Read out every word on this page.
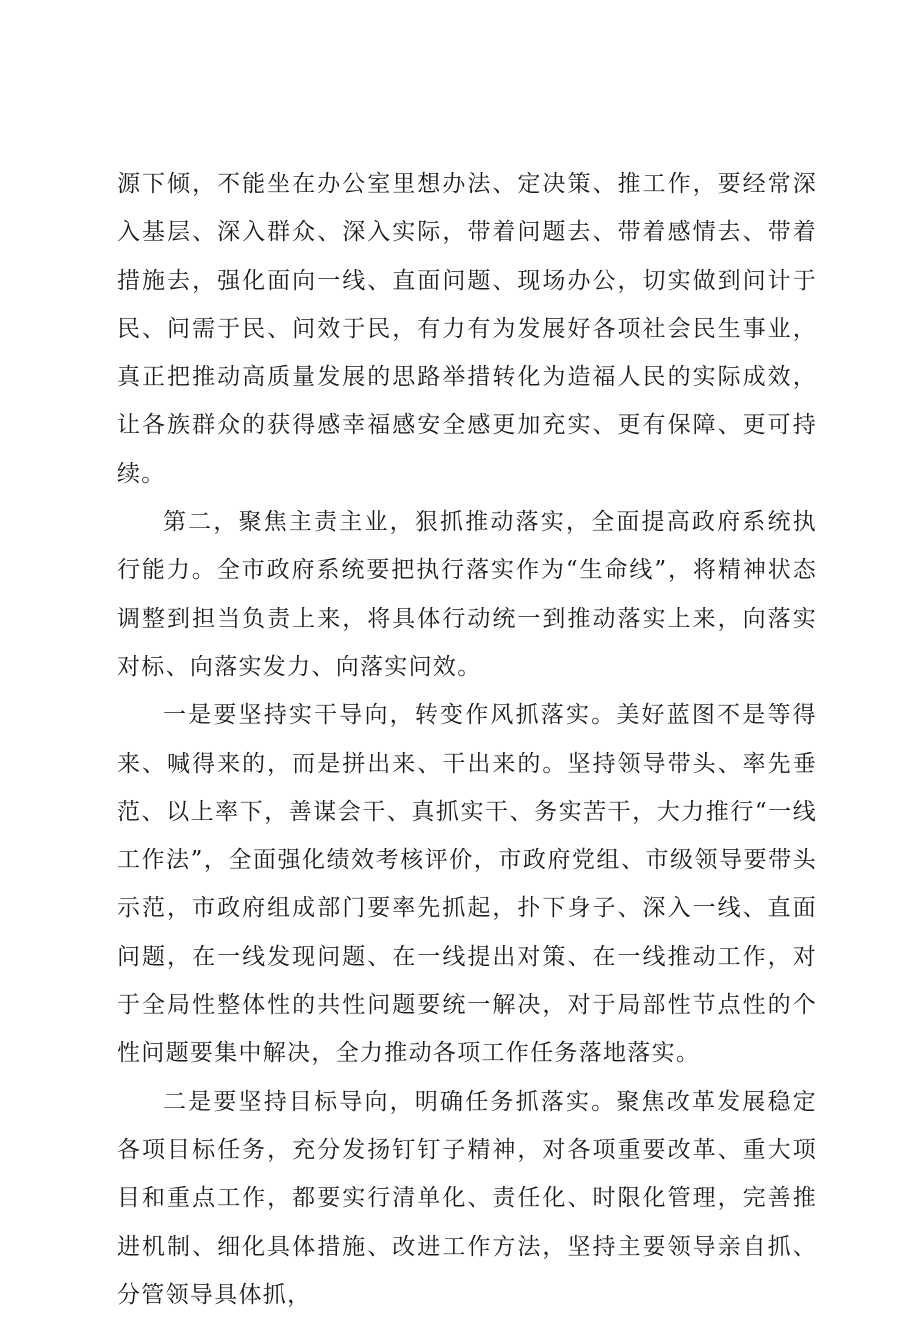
源下倾，不能坐在办公室里想办法、定决策、推工作，要经常深入基层、深入群众、深入实际，带着问题去、带着感情去、带着措施去，强化面向一线、直面问题、现场办公，切实做到问计于民、问需于民、问效于民，有力有为发展好各项社会民生事业，真正把推动高质量发展的思路举措转化为造福人民的实际成效，让各族群众的获得感幸福感安全感更加充实、更有保障、更可持续。

第二，聚焦主责主业，狠抓推动落实，全面提高政府系统执行能力。全市政府系统要把执行落实作为“生命线”，将精神状态调整到担当负责上来，将具体行动统一到推动落实上来，向落实对标、向落实发力、向落实问效。

一是要坚持实干导向，转变作风抓落实。美好蓝图不是等得来、喊得来的，而是拼出来、干出来的。坚持领导带头、率先垂范、以上率下，善谋会干、真抓实干、务实苦干，大力推行“一线工作法”，全面强化绩效考核评价，市政府党组、市级领导要带头示范，市政府组成部门要率先抓起，扑下身子、深入一线、直面问题，在一线发现问题、在一线提出对策、在一线推动工作，对于全局性整体性的共性问题要统一解决，对于局部性节点性的个性问题要集中解决，全力推动各项工作任务落地落实。

二是要坚持目标导向，明确任务抓落实。聚焦改革发展稳定各项目标任务，充分发扬钉钉子精神，对各项重要改革、重大项目和重点工作，都要实行清单化、责任化、时限化管理，完善推进机制、细化具体措施、改进工作方法，坚持主要领导亲自抓、分管领导具体抓，
